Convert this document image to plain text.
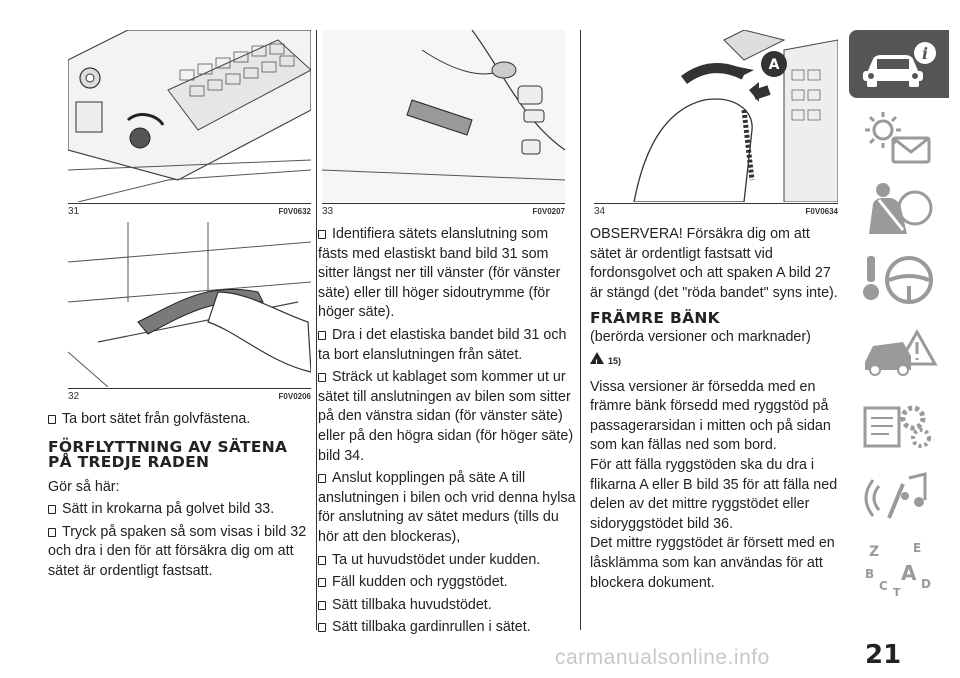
31	F0V0632
32	F0V0206
33	F0V0207
A
34	F0V0634

Ta bort sätet från golvfästena.

FÖRFLYTTNING AV SÄTENA PÅ TREDJE RADEN

Gör så här:

Sätt in krokarna på golvet bild 33.

Tryck på spaken så som visas i bild 32 och dra i den för att försäkra dig om att sätet är ordentligt fastsatt.

Identifiera sätets elanslutning som fästs med elastiskt band bild 31 som sitter längst ner till vänster (för vänster säte) eller till höger sidoutrymme (för höger säte).

Dra i det elastiska bandet bild 31 och ta bort elanslutningen från sätet.

Sträck ut kablaget som kommer ut ur sätet till anslutningen av bilen som sitter på den vänstra sidan (för vänster säte) eller på den högra sidan (för höger säte) bild 34.

Anslut kopplingen på säte A till anslutningen i bilen och vrid denna hylsa för anslutning av sätet medurs (tills du hör att den blockeras),

Ta ut huvudstödet under kudden.

Fäll kudden och ryggstödet.

Sätt tillbaka huvudstödet.

Sätt tillbaka gardinrullen i sätet.

OBSERVERA! Försäkra dig om att sätet är ordentligt fastsatt vid fordonsgolvet och att spaken A bild 27 är stängd (det "röda bandet" syns inte).

FRÄMRE BÄNK

(berörda versioner och marknader)

!15)

Vissa versioner är försedda med en främre bänk försedd med ryggstöd på passagerarsidan i mitten och på sidan som kan fällas ned som bord.

För att fälla ryggstöden ska du dra i flikarna A eller B bild 35 för att fälla ned delen av det mittre ryggstödet eller sidoryggstödet bild 36.

Det mittre ryggstödet är försett med en låsklämma som kan användas för att blockera dokument.

i
Z	E
B A
C T
D
21
carmanualsonline.info
